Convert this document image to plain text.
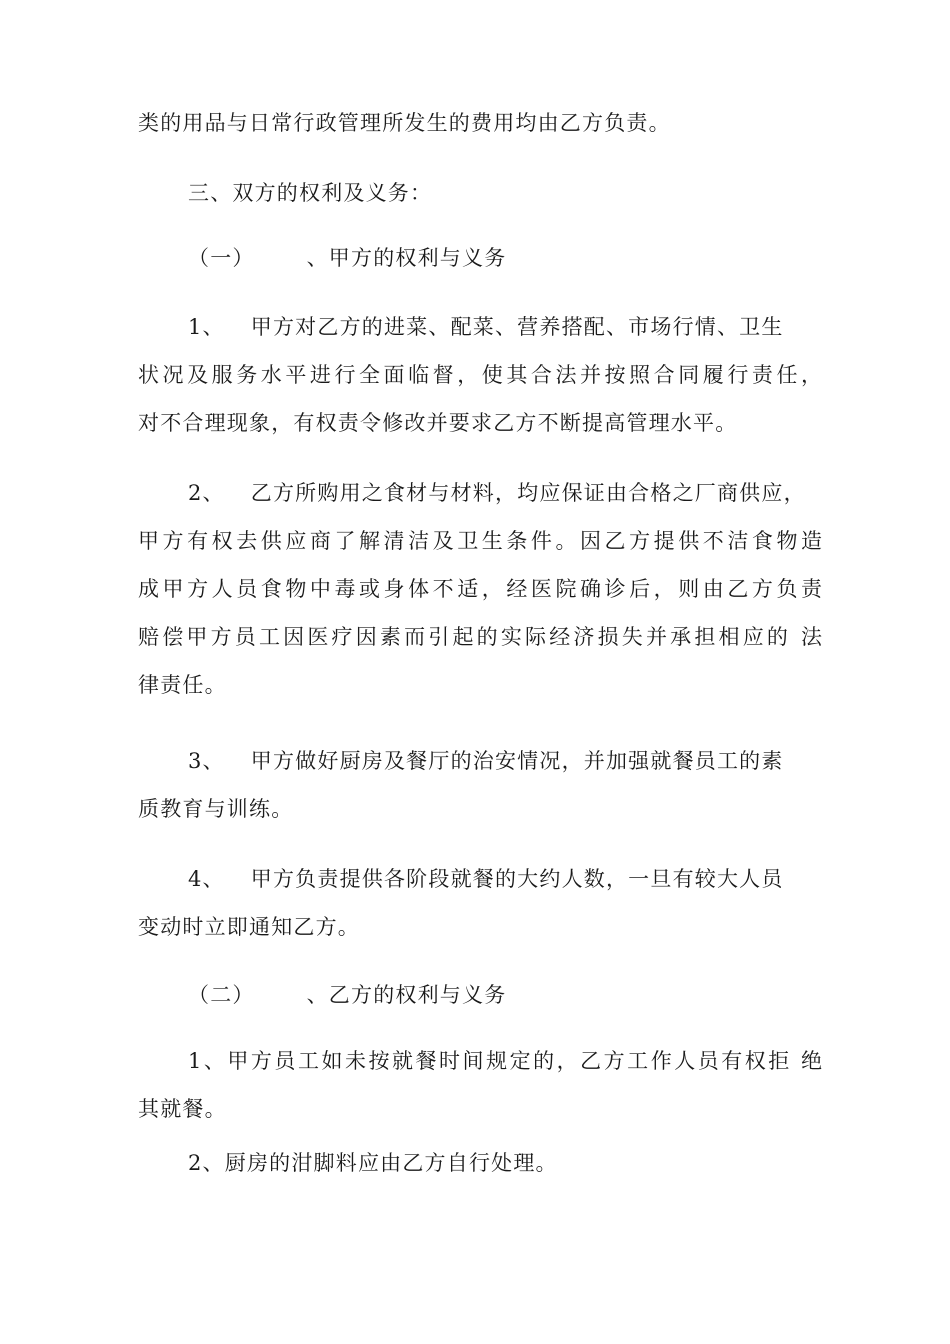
类的用品与日常行政管理所发生的费用均由乙方负责。

三、双方的权利及义务：

（一） 、甲方的权利与义务

1、 甲方对乙方的进菜、配菜、营养搭配、市场行情、卫生

状况及服务水平进行全面临督，使其合法并按照合同履行责任，

对不合理现象，有权责令修改并要求乙方不断提高管理水平。

2、 乙方所购用之食材与材料，均应保证由合格之厂商供应，

甲方有权去供应商了解清洁及卫生条件。因乙方提供不洁食物造

成甲方人员食物中毒或身体不适，经医院确诊后，则由乙方负责

赔偿甲方员工因医疗因素而引起的实际经济损失并承担相应的 法

律责任。

3、 甲方做好厨房及餐厅的治安情况，并加强就餐员工的素

质教育与训练。

4、 甲方负责提供各阶段就餐的大约人数，一旦有较大人员

变动时立即通知乙方。

（二） 、乙方的权利与义务

1、甲方员工如未按就餐时间规定的，乙方工作人员有权拒 绝

其就餐。

2、厨房的泔脚料应由乙方自行处理。
